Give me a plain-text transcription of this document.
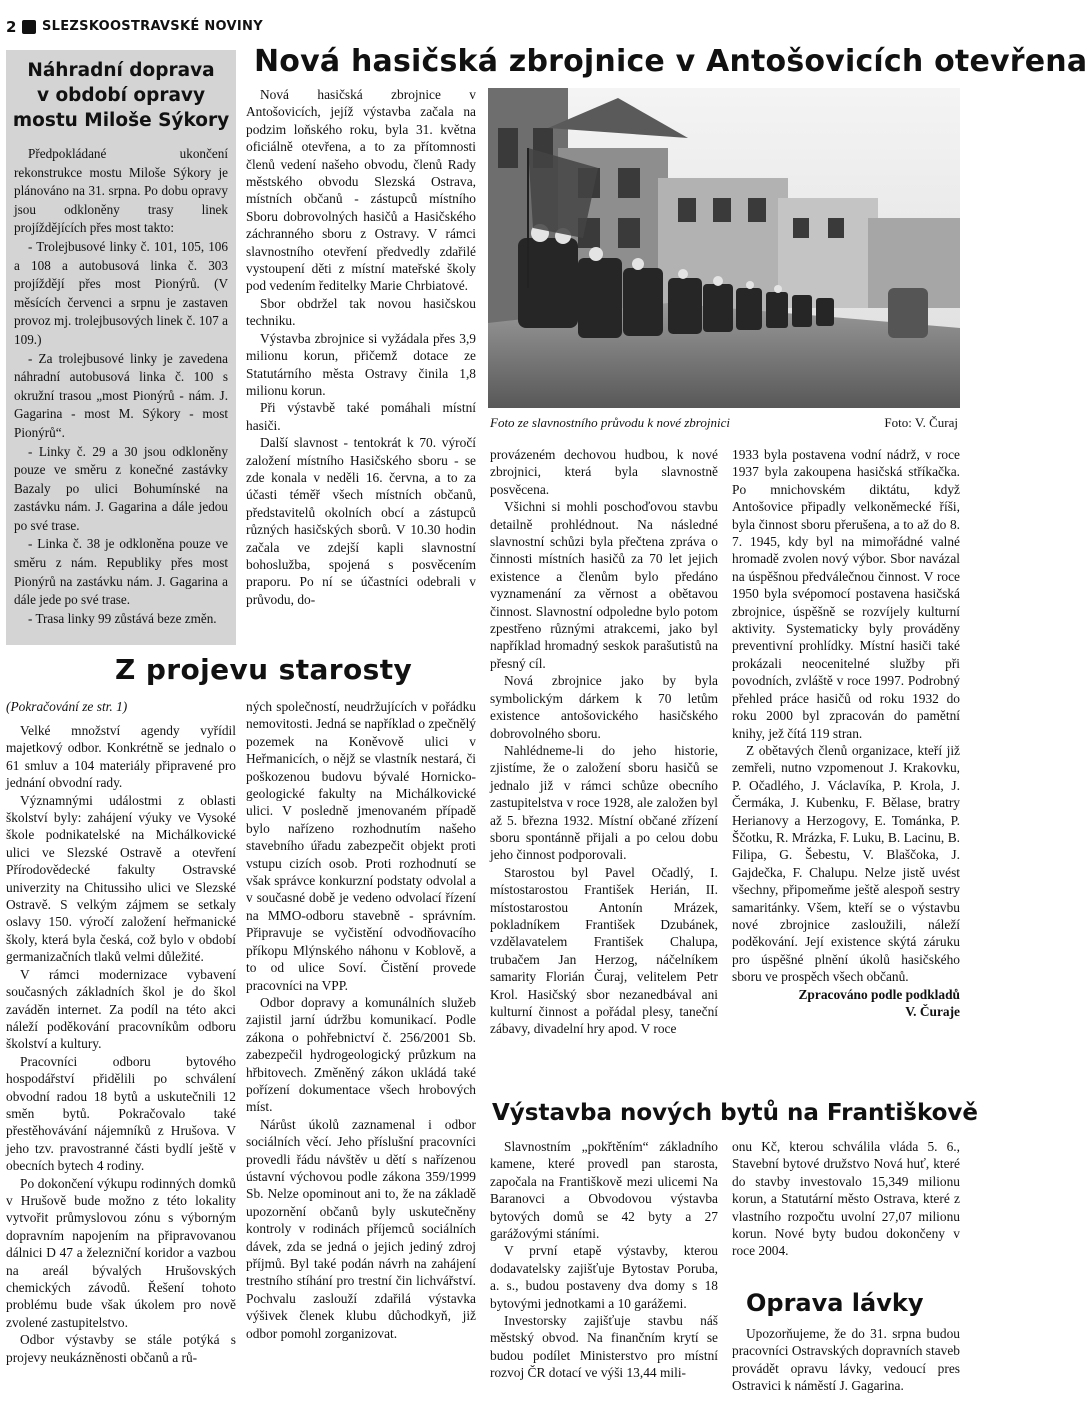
2 SLEZSKOOSTRAVSKÉ NOVINY
Nová hasičská zbrojnice v Antošovicích otevřena
Náhradní doprava
v období opravy
mostu Miloše Sýkory

Předpokládané ukončení rekonstrukce mostu Miloše Sýkory je plánováno na 31. srpna. Po dobu opravy jsou odkloněny trasy linek projíždějících přes most takto:

- Trolejbusové linky č. 101, 105, 106 a 108 a autobusová linka č. 303 projíždějí přes most Pionýrů. (V měsících červenci a srpnu je zastaven provoz mj. trolejbusových linek č. 107 a 109.)

- Za trolejbusové linky je zavedena náhradní autobusová linka č. 100 s okružní trasou „most Pionýrů - nám. J. Gagarina - most M. Sýkory - most Pionýrů“.

- Linky č. 29 a 30 jsou odkloněny pouze ve směru z konečné zastávky Bazaly po ulici Bohumínské na zastávku nám. J. Gagarina a dále jedou po své trase.

- Linka č. 38 je odkloněna pouze ve směru z nám. Republiky přes most Pionýrů na zastávku nám. J. Gagarina a dále jede po své trase.

- Trasa linky 99 zůstává beze změn.

Nová hasičská zbrojnice v Antošovicích, jejíž výstavba začala na podzim loňského roku, byla 31. května oficiálně otevřena, a to za přítomnosti členů vedení našeho obvodu, členů Rady městského obvodu Slezská Ostrava, místních občanů - zástupců místního Sboru dobrovolných hasičů a Hasičského záchranného sboru z Ostravy. V rámci slavnostního otevření předvedly zdařilé vystoupení děti z místní mateřské školy pod vedením ředitelky Marie Chrbiatové.

Sbor obdržel tak novou hasičskou techniku.

Výstavba zbrojnice si vyžádala přes 3,9 milionu korun, přičemž dotace ze Statutárního města Ostravy činila 1,8 milionu korun.

Při výstavbě také pomáhali místní hasiči.

Další slavnost - tentokrát k 70. výročí založení místního Hasičského sboru - se zde konala v neděli 16. června, a to za účasti téměř všech místních občanů, představitelů okolních obcí a zástupců různých hasičských sborů. V 10.30 hodin začala ve zdejší kapli slavnostní bohoslužba, spojená s posvěcením praporu. Po ní se účastníci odebrali v průvodu, do-

Foto ze slavnostního průvodu k nové zbrojnici	Foto: V. Čuraj

provázeném dechovou hudbou, k nové zbrojnici, která byla slavnostně posvěcena.

Všichni si mohli poschoďovou stavbu detailně prohlédnout. Na následné slavnostní schůzi byla přečtena zpráva o činnosti místních hasičů za 70 let jejich existence a členům bylo předáno vyznamenání za věrnost a obětavou činnost. Slavnostní odpoledne bylo potom zpestřeno různými atrakcemi, jako byl například hromadný seskok parašutistů na přesný cíl.

Nová zbrojnice jako by byla symbolickým dárkem k 70 letům existence antošovického hasičského dobrovolného sboru.

Nahlédneme-li do jeho historie, zjistíme, že o založení sboru hasičů se jednalo již v rámci schůze obecního zastupitelstva v roce 1928, ale založen byl až 5. března 1932. Místní občané zřízení sboru spontánně přijali a po celou dobu jeho činnost podporovali.

Starostou byl Pavel Očadlý, I. místostarostou František Herián, II. místostarostou Antonín Mrázek, pokladníkem František Dzubánek, vzdělavatelem František Chalupa, trubačem Jan Herzog, náčelníkem samarity Florián Čuraj, velitelem Petr Krol. Hasičský sbor nezanedbával ani kulturní činnost a pořádal plesy, taneční zábavy, divadelní hry apod. V roce

1933 byla postavena vodní nádrž, v roce 1937 byla zakoupena hasičská stříkačka. Po mnichovském diktátu, když Antošovice připadly velkoněmecké říši, byla činnost sboru přerušena, a to až do 8. 7. 1945, kdy byl na mimořádné valné hromadě zvolen nový výbor. Sbor navázal na úspěšnou předválečnou činnost. V roce 1950 byla svépomocí postavena hasičská zbrojnice, úspěšně se rozvíjely kulturní aktivity. Systematicky byly prováděny preventivní prohlídky. Místní hasiči také prokázali neocenitelné služby při povodních, zvláště v roce 1997. Podrobný přehled práce hasičů od roku 1932 do roku 2000 byl zpracován do pamětní knihy, jež čítá 119 stran.

Z obětavých členů organizace, kteří již zemřeli, nutno vzpomenout J. Krakovku, P. Očadlého, J. Václavíka, P. Krola, J. Čermáka, J. Kubenku, F. Bělase, bratry Herianovy a Herzogovy, E. Tománka, P. Ščotku, R. Mrázka, F. Luku, B. Lacinu, B. Filipa, G. Šebestu, V. Blaščoka, J. Gajdečka, F. Chalupu. Nelze jistě uvést všechny, připomeňme ještě alespoň sestry samaritánky. Všem, kteří se o výstavbu nové zbrojnice zasloužili, náleží poděkování. Její existence skýtá záruku pro úspěšné plnění úkolů hasičského sboru ve prospěch všech občanů.

Zpracováno podle podkladů

V. Čuraje

Z projevu starosty
(Pokračování ze str. 1)

Velké množství agendy vyřídil majetkový odbor. Konkrétně se jednalo o 61 smluv a 104 materiály připravené pro jednání obvodní rady.

Významnými událostmi z oblasti školství byly: zahájení výuky ve Vysoké škole podnikatelské na Michálkovické ulici ve Slezské Ostravě a otevření Přírodovědecké fakulty Ostravské univerzity na Chitussiho ulici ve Slezské Ostravě. S velkým zájmem se setkaly oslavy 150. výročí založení heřmanické školy, která byla česká, což bylo v období germanizačních tlaků velmi důležité.

V rámci modernizace vybavení současných základních škol je do škol zaváděn internet. Za podíl na této akci náleží poděkování pracovníkům odboru školství a kultury.

Pracovníci odboru bytového hospodářství přidělili po schválení obvodní radou 18 bytů a uskutečnili 12 směn bytů. Pokračovalo také přestěhovávání nájemníků z Hrušova. V jeho tzv. pravostranné části bydlí ještě v obecních bytech 4 rodiny.

Po dokončení výkupu rodinných domků v Hrušově bude možno z této lokality vytvořit průmyslovou zónu s výborným dopravním napojením na připravovanou dálnici D 47 a železniční koridor a vazbou na areál bývalých Hrušovských chemických závodů. Řešení tohoto problému bude však úkolem pro nově zvolené zastupitelstvo.

Odbor výstavby se stále potýká s projevy neukázněnosti občanů a rů-

ných společností, neudržujících v pořádku nemovitosti. Jedná se například o zpečnělý pozemek na Koněvově ulici v Heřmanicích, o nějž se vlastník nestará, či poškozenou budovu bývalé Hornicko-geologické fakulty na Michálkovické ulici. V posledně jmenovaném případě bylo nařízeno rozhodnutím našeho stavebního úřadu zabezpečit objekt proti vstupu cizích osob. Proti rozhodnutí se však správce konkurzní podstaty odvolal a v současné době je vedeno odvolací řízení na MMO-odboru stavebně - správním. Připravuje se vyčistění odvodňovacího příkopu Mlýnského náhonu v Koblově, a to od ulice Soví. Čistění provede pracovníci na VPP.

Odbor dopravy a komunálních služeb zajistil jarní údržbu komunikací. Podle zákona o pohřebnictví č. 256/2001 Sb. zabezpečil hydrogeologický průzkum na hřbitovech. Změněný zákon ukládá také pořízení dokumentace všech hrobových míst.

Nárůst úkolů zaznamenal i odbor sociálních věcí. Jeho příslušní pracovníci provedli řádu návštěv u dětí s nařízenou ústavní výchovou podle zákona 359/1999 Sb. Nelze opominout ani to, že na základě upozornění občanů byly uskutečněny kontroly v rodinách příjemců sociálních dávek, zda se jedná o jejich jediný zdroj příjmů. Byl také podán návrh na zahájení trestního stíhání pro trestní čin lichvářství. Pochvalu zaslouží zdařilá výstavka výšivek členek klubu důchodkyň, již odbor pomohl zorganizovat.

Výstavba nových bytů na Františkově

Slavnostním „pokřtěním“ základního kamene, které provedl pan starosta, započala na Františkově mezi ulicemi Na Baranovci a Obvodovou výstavba bytových domů se 42 byty a 27 garážovými stáními.

V první etapě výstavby, kterou dodavatelsky zajišťuje Bytostav Poruba, a. s., budou postaveny dva domy s 18 bytovými jednotkami a 10 garážemi.

Investorsky zajišťuje stavbu náš městský obvod. Na finančním krytí se budou podílet Ministerstvo pro místní rozvoj ČR dotací ve výši 13,44 mili-

onu Kč, kterou schválila vláda 5. 6., Stavební bytové družstvo Nová huť, které do stavby investovalo 15,349 milionu korun, a Statutární město Ostrava, které z vlastního rozpočtu uvolní 27,07 milionu korun. Nové byty budou dokončeny v roce 2004.

Oprava lávky

Upozorňujeme, že do 31. srpna budou pracovníci Ostravských dopravních staveb provádět opravu lávky, vedoucí pres Ostravici k náměstí J. Gagarina.
